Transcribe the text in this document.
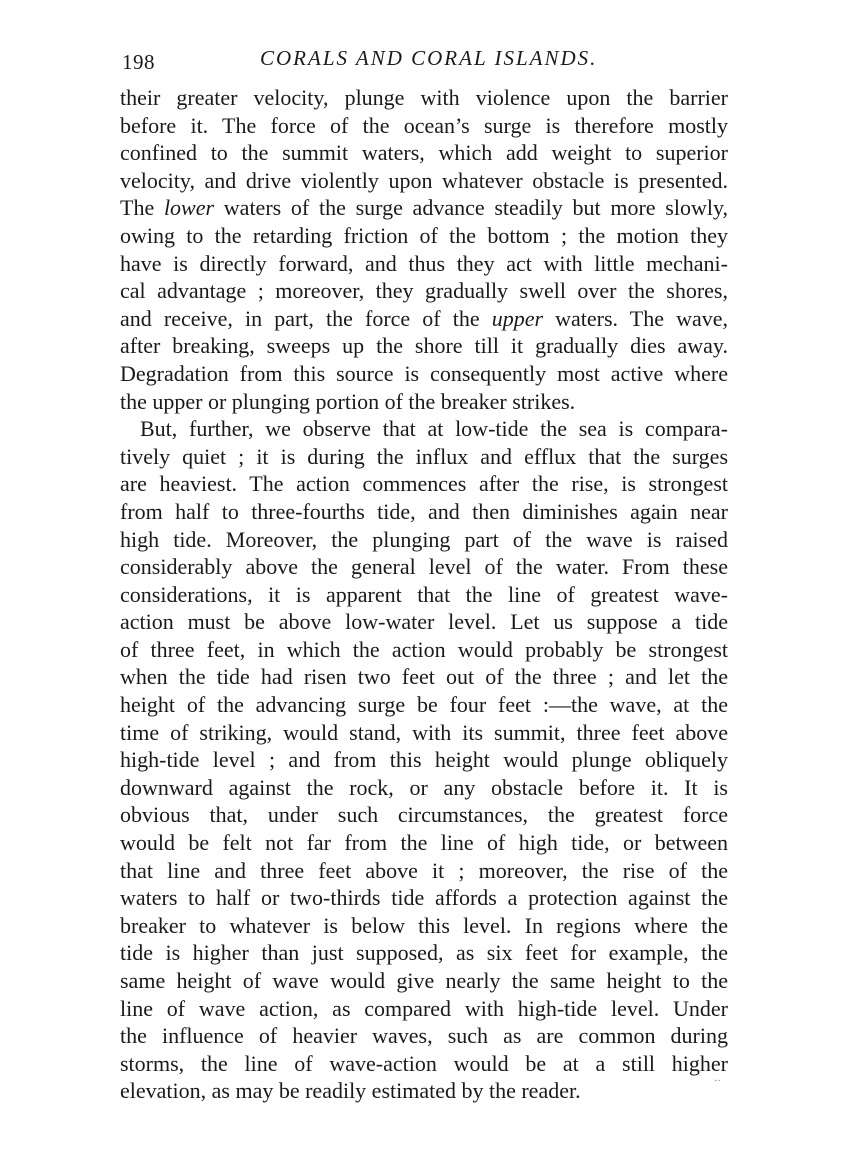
198	CORALS AND CORAL ISLANDS.
their greater velocity, plunge with violence upon the barrier
before it. The force of the ocean’s surge is therefore mostly
confined to the summit waters, which add weight to superior
velocity, and drive violently upon whatever obstacle is presented.
The lower waters of the surge advance steadily but more slowly,
owing to the retarding friction of the bottom ; the motion they
have is directly forward, and thus they act with little mechani-
cal advantage ; moreover, they gradually swell over the shores,
and receive, in part, the force of the upper waters. The wave,
after breaking, sweeps up the shore till it gradually dies away.
Degradation from this source is consequently most active where
the upper or plunging portion of the breaker strikes.
But, further, we observe that at low-tide the sea is compara-
tively quiet ; it is during the influx and efflux that the surges
are heaviest. The action commences after the rise, is strongest
from half to three-fourths tide, and then diminishes again near
high tide. Moreover, the plunging part of the wave is raised
considerably above the general level of the water. From these
considerations, it is apparent that the line of greatest wave-
action must be above low-water level. Let us suppose a tide
of three feet, in which the action would probably be strongest
when the tide had risen two feet out of the three ; and let the
height of the advancing surge be four feet :—the wave, at the
time of striking, would stand, with its summit, three feet above
high-tide level ; and from this height would plunge obliquely
downward against the rock, or any obstacle before it. It is
obvious that, under such circumstances, the greatest force
would be felt not far from the line of high tide, or between
that line and three feet above it ; moreover, the rise of the
waters to half or two-thirds tide affords a protection against the
breaker to whatever is below this level. In regions where the
tide is higher than just supposed, as six feet for example, the
same height of wave would give nearly the same height to the
line of wave action, as compared with high-tide level. Under
the influence of heavier waves, such as are common during
storms, the line of wave-action would be at a still higher
elevation, as may be readily estimated by the reader.	··
